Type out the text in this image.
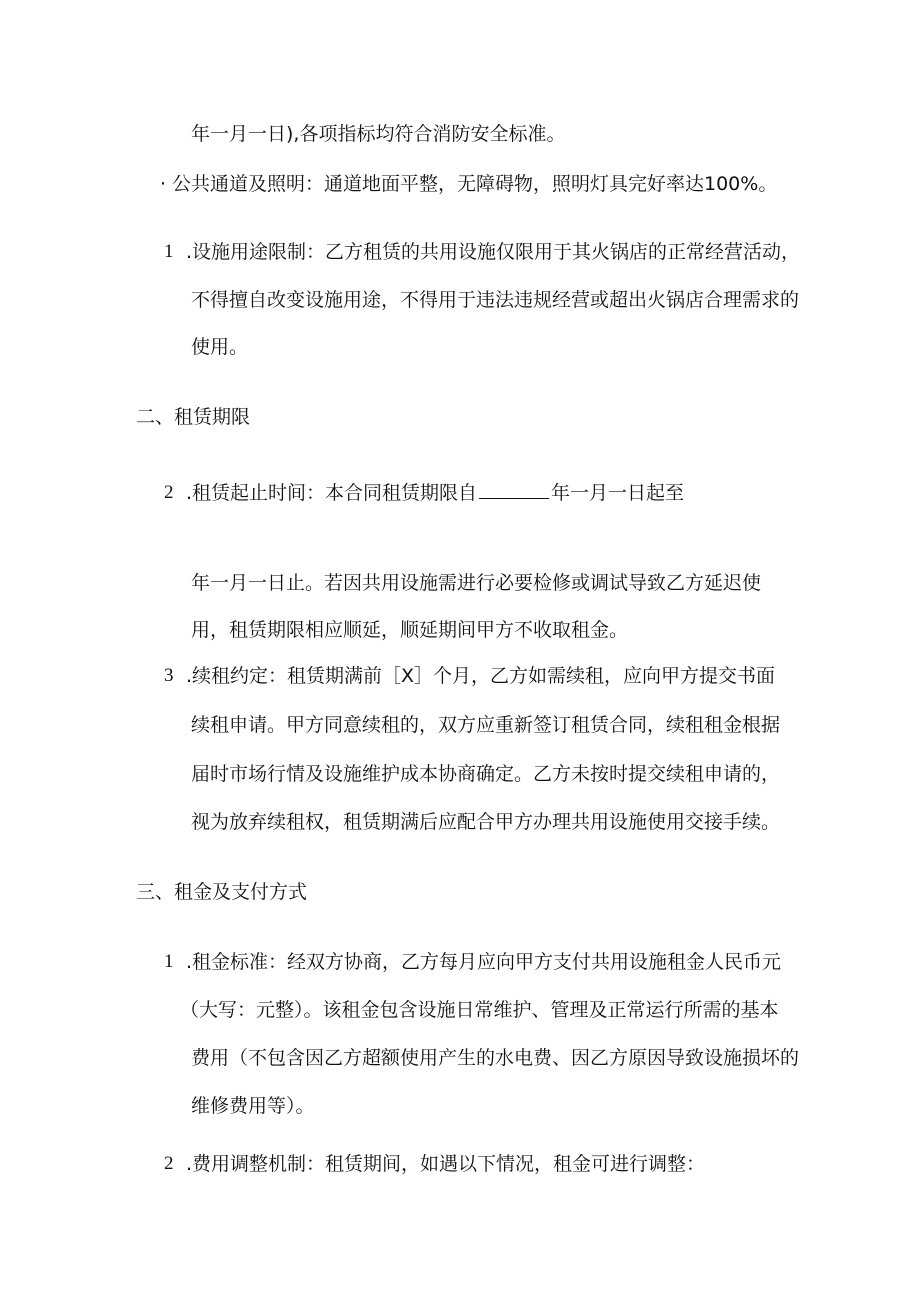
年一月一日),各项指标均符合消防安全标准。
· 公共通道及照明：通道地面平整，无障碍物，照明灯具完好率达100%。
1 .设施用途限制：乙方租赁的共用设施仅限用于其火锅店的正常经营活动，
不得擅自改变设施用途，不得用于违法违规经营或超出火锅店合理需求的
使用。
二、租赁期限
2 .租赁起止时间：本合同租赁期限自	年一月一日起至
年一月一日止。若因共用设施需进行必要检修或调试导致乙方延迟使
用，租赁期限相应顺延，顺延期间甲方不收取租金。
3 .续租约定：租赁期满前［X］个月，乙方如需续租，应向甲方提交书面
续租申请。甲方同意续租的，双方应重新签订租赁合同，续租租金根据
届时市场行情及设施维护成本协商确定。乙方未按时提交续租申请的，
视为放弃续租权，租赁期满后应配合甲方办理共用设施使用交接手续。
三、租金及支付方式
1 .租金标准：经双方协商，乙方每月应向甲方支付共用设施租金人民币元
（大写：元整）。该租金包含设施日常维护、管理及正常运行所需的基本
费用（不包含因乙方超额使用产生的水电费、因乙方原因导致设施损坏的
维修费用等）。
2 .费用调整机制：租赁期间，如遇以下情况，租金可进行调整：
